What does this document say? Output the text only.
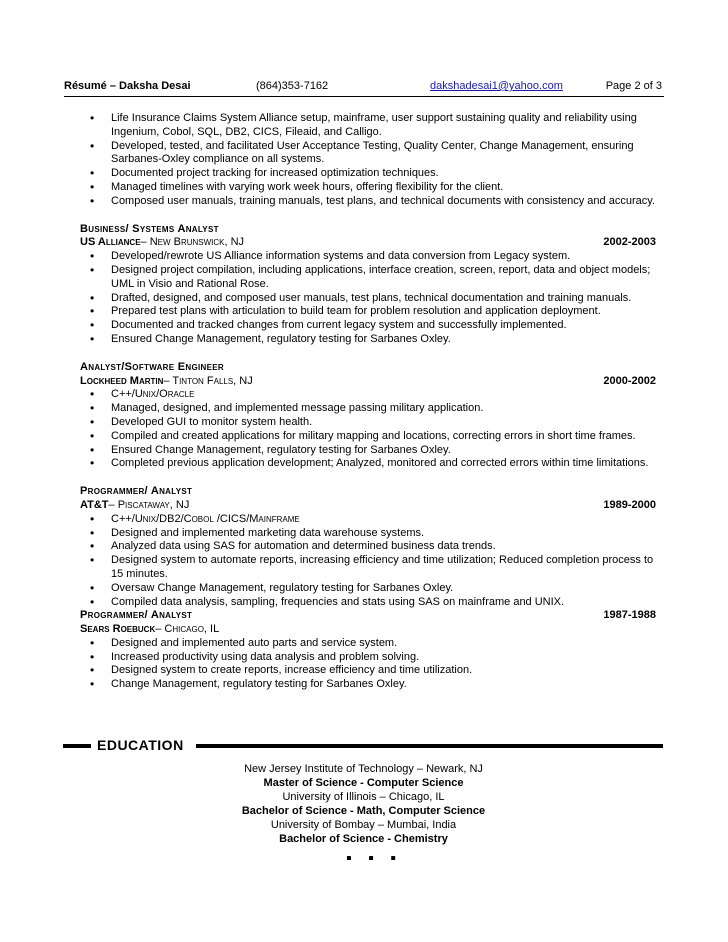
Résumé – Daksha Desai	(864)353-7162	dakshadesai1@yahoo.com	Page 2 of 3
• Life Insurance Claims System Alliance setup, mainframe, user support sustaining quality and reliability using Ingenium, Cobol, SQL, DB2, CICS, Fileaid, and Calligo.
• Developed, tested, and facilitated User Acceptance Testing, Quality Center, Change Management, ensuring Sarbanes-Oxley compliance on all systems.
• Documented project tracking for increased optimization techniques.
• Managed timelines with varying work week hours, offering flexibility for the client.
• Composed user manuals, training manuals, test plans, and technical documents with consistency and accuracy.
Business/ Systems Analyst
US Alliance– New Brunswick, NJ	2002-2003
• Developed/rewrote US Alliance information systems and data conversion from Legacy system.
• Designed project compilation, including applications, interface creation, screen, report, data and object models; UML in Visio and Rational Rose.
• Drafted, designed, and composed user manuals, test plans, technical documentation and training manuals.
• Prepared test plans with articulation to build team for problem resolution and application deployment.
• Documented and tracked changes from current legacy system and successfully implemented.
• Ensured Change Management, regulatory testing for Sarbanes Oxley.
Analyst/Software Engineer
Lockheed Martin– Tinton Falls, NJ	2000-2002
• C++/Unix/Oracle
• Managed, designed, and implemented message passing military application.
• Developed GUI to monitor system health.
• Compiled and created applications for military mapping and locations, correcting errors in short time frames.
• Ensured Change Management, regulatory testing for Sarbanes Oxley.
• Completed previous application development; Analyzed, monitored and corrected errors within time limitations.
Programmer/ Analyst
AT&T– Piscataway, NJ	1989-2000
• C++/Unix/DB2/Cobol /CICS/Mainframe
• Designed and implemented marketing data warehouse systems.
• Analyzed data using SAS for automation and determined business data trends.
• Designed system to automate reports, increasing efficiency and time utilization; Reduced completion process to 15 minutes.
• Oversaw Change Management, regulatory testing for Sarbanes Oxley.
• Compiled data analysis, sampling, frequencies and stats using SAS on mainframe and UNIX.
Programmer/ Analyst	1987-1988
Sears Roebuck– Chicago, IL
• Designed and implemented auto parts and service system.
• Increased productivity using data analysis and problem solving.
• Designed system to create reports, increase efficiency and time utilization.
• Change Management, regulatory testing for Sarbanes Oxley.
EDUCATION
New Jersey Institute of Technology – Newark, NJ
Master of Science - Computer Science
University of Illinois – Chicago, IL
Bachelor of Science - Math, Computer Science
University of Bombay – Mumbai, India
Bachelor of Science - Chemistry
▪ ▪ ▪
